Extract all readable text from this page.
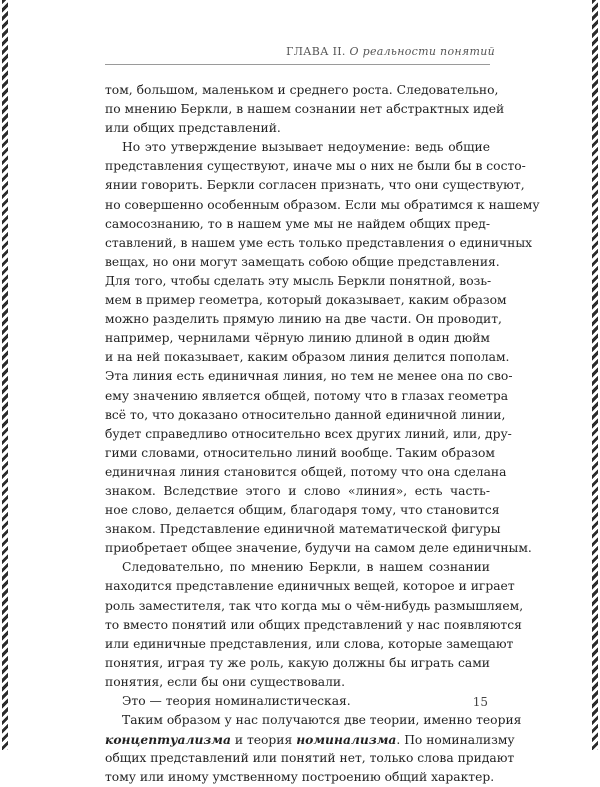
ГЛАВА II. О реальности понятий
том, большом, маленьком и среднего роста. Следовательно,
по мнению Беркли, в нашем сознании нет абстрактных идей
или общих представлений.
Но это утверждение вызывает недоумение: ведь общие
представления существуют, иначе мы о них не были бы в состо-
янии говорить. Беркли согласен признать, что они существуют,
но совершенно особенным образом. Если мы обратимся к нашему
самосознанию, то в нашем уме мы не найдем общих пред-
ставлений, в нашем уме есть только представления о единичных
вещах, но они могут замещать собою общие представления.
Для того, чтобы сделать эту мысль Беркли понятной, возь-
мем в пример геометра, который доказывает, каким образом
можно разделить прямую линию на две части. Он проводит,
например, чернилами чёрную линию длиной в один дюйм
и на ней показывает, каким образом линия делится пополам.
Эта линия есть единичная линия, но тем не менее она по сво-
ему значению является общей, потому что в глазах геометра
всё то, что доказано относительно данной единичной линии,
будет справедливо относительно всех других линий, или, дру-
гими словами, относительно линий вообще. Таким образом
единичная линия становится общей, потому что она сделана
знаком. Вследствие этого и слово «линия», есть часть-
ное слово, делается общим, благодаря тому, что становится
знаком. Представление единичной математической фигуры
приобретает общее значение, будучи на самом деле единичным.
Следовательно, по мнению Беркли, в нашем сознании
находится представление единичных вещей, которое и играет
роль заместителя, так что когда мы о чём-нибудь размышляем,
то вместо понятий или общих представлений у нас появляются
или единичные представления, или слова, которые замещают
понятия, играя ту же роль, какую должны бы играть сами
понятия, если бы они существовали.
Это — теория номиналистическая.
Таким образом у нас получаются две теории, именно теория
концептуализма и теория номинализма. По номинализму
общих представлений или понятий нет, только слова придают
тому или иному умственному построению общий характер.
15
